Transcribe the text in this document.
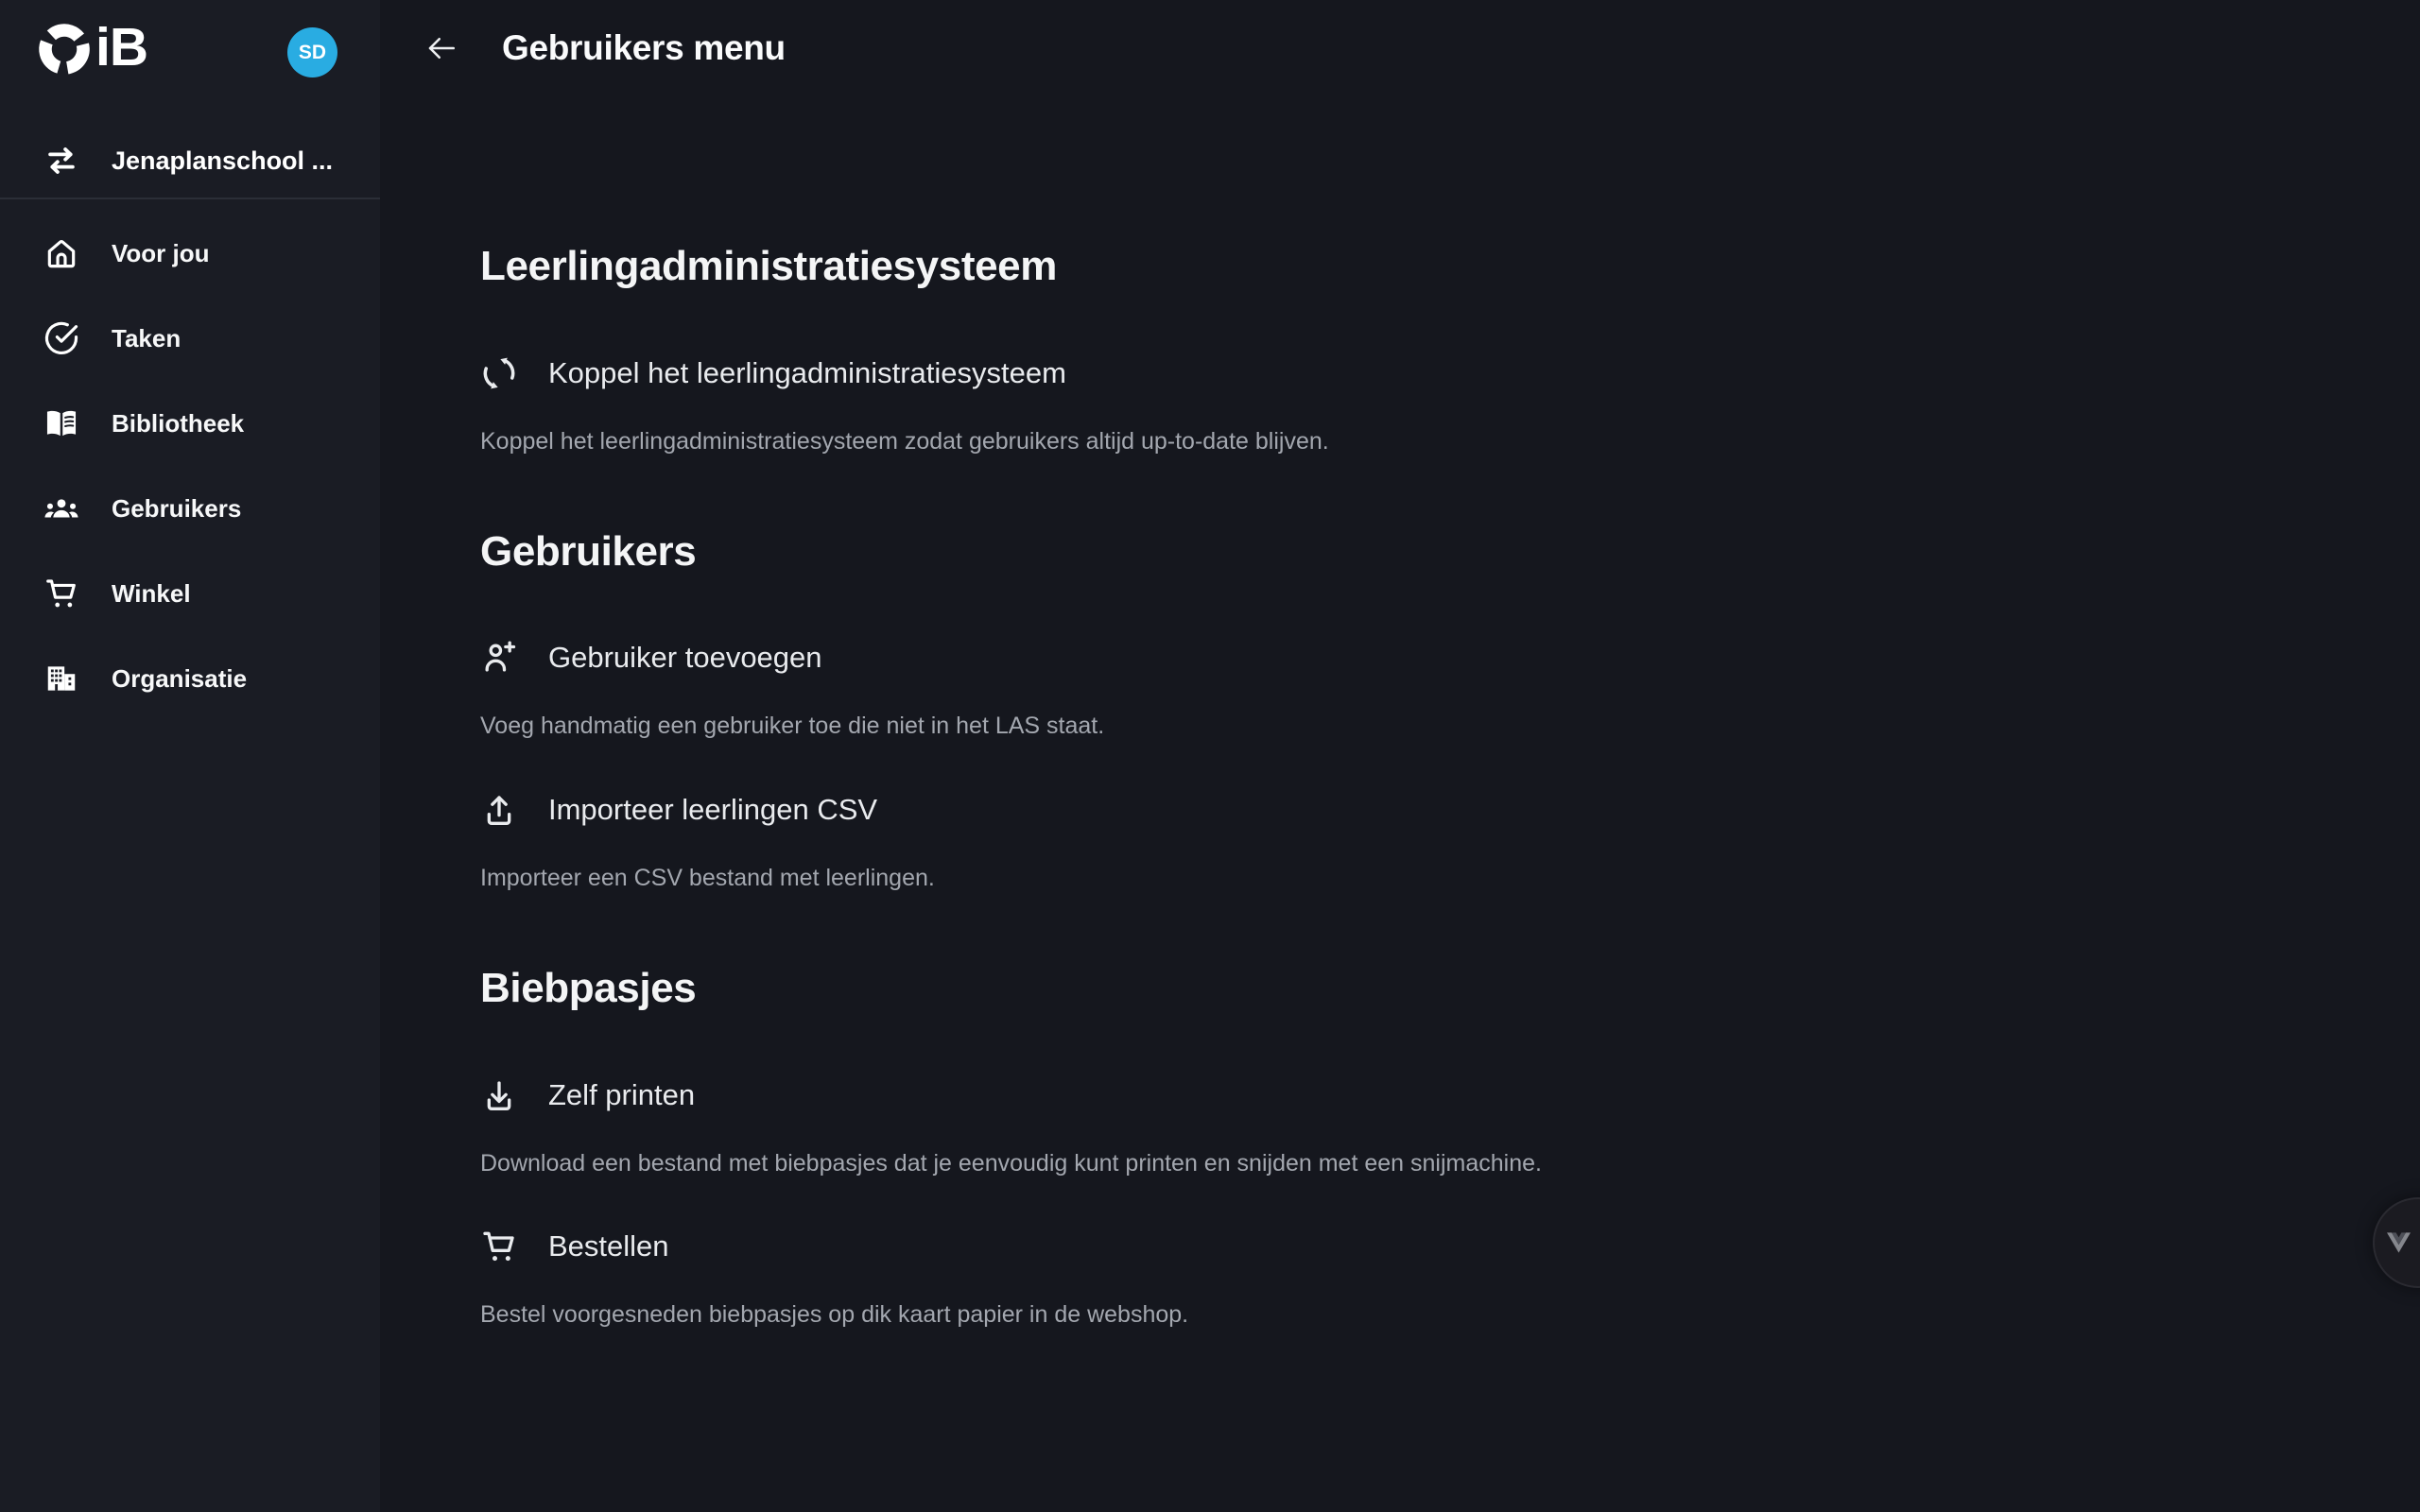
iB	SD
Jenaplanschool ...
Voor jou
Taken
Bibliotheek
Gebruikers
Winkel
Organisatie
Gebruikers menu
Leerlingadministratiesysteem
Koppel het leerlingadministratiesysteem

Koppel het leerlingadministratiesysteem zodat gebruikers altijd up-to-date blijven.

Gebruikers
Gebruiker toevoegen

Voeg handmatig een gebruiker toe die niet in het LAS staat.

Importeer leerlingen CSV

Importeer een CSV bestand met leerlingen.

Biebpasjes
Zelf printen

Download een bestand met biebpasjes dat je eenvoudig kunt printen en snijden met een snijmachine.

Bestellen

Bestel voorgesneden biebpasjes op dik kaart papier in de webshop.
